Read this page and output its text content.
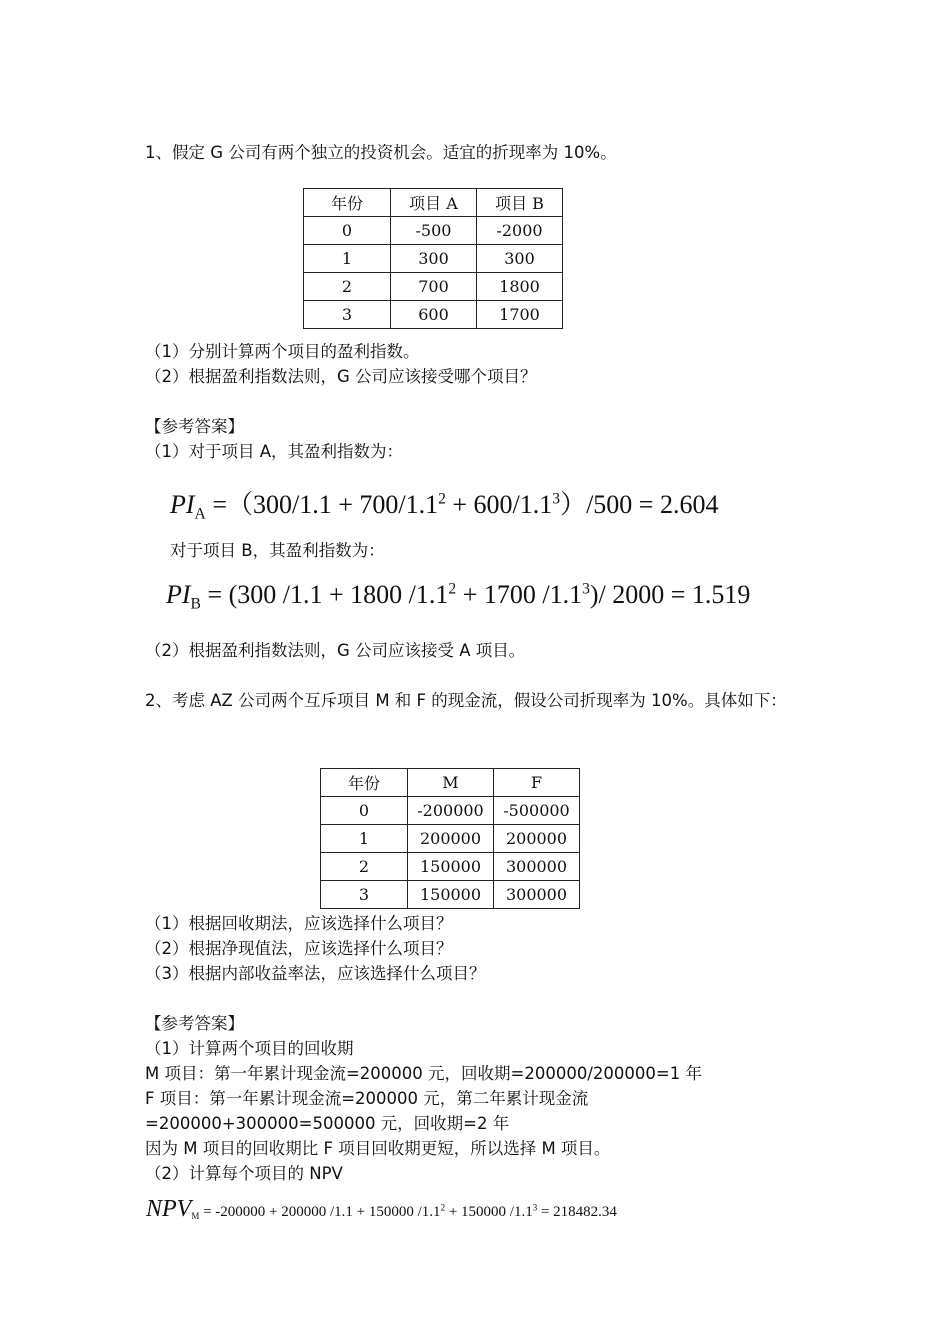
1、假定 G 公司有两个独立的投资机会。适宜的折现率为 10%。
年份	项目 A	项目 B
0	-500	-2000
1	300	300
2	700	1800
3	600	1700
（1）分别计算两个项目的盈利指数。
（2）根据盈利指数法则，G 公司应该接受哪个项目？
【参考答案】
（1）对于项目 A，其盈利指数为：
$PI_A =(300/1.1 + 700/1.1^2 + 600/1.1^3)/500 = 2.604$
对于项目 B，其盈利指数为：
$PI_B = (300$ /1.1 + 1800 $/1.1^2 + 1700$ $/1.1^3)/$ 2000 = 1.519
（2）根据盈利指数法则，G 公司应该接受 A 项目。
2、考虑 AZ 公司两个互斥项目 M 和 F 的现金流，假设公司折现率为 10%。具体如下：
年份	M	F
0	-200000	-500000
1	200000	200000
2	150000	300000
3	150000	300000
（1）根据回收期法，应该选择什么项目？
（2）根据净现值法，应该选择什么项目？
（3）根据内部收益率法，应该选择什么项目？
【参考答案】
（1）计算两个项目的回收期
M 项目：第一年累计现金流=200000 元，回收期=200000/200000=1 年
F 项目：第一年累计现金流=200000 元，第二年累计现金流
=200000+300000=500000 元，回收期=2 年
因为 M 项目的回收期比 F 项目回收期更短，所以选择 M 项目。
（2）计算每个项目的 NPV
$NPV_M = -200000 + 200000$ /1.1 + 150000 $/1.1^2 + 150000$ $/1.1^3 = 218482.34$
